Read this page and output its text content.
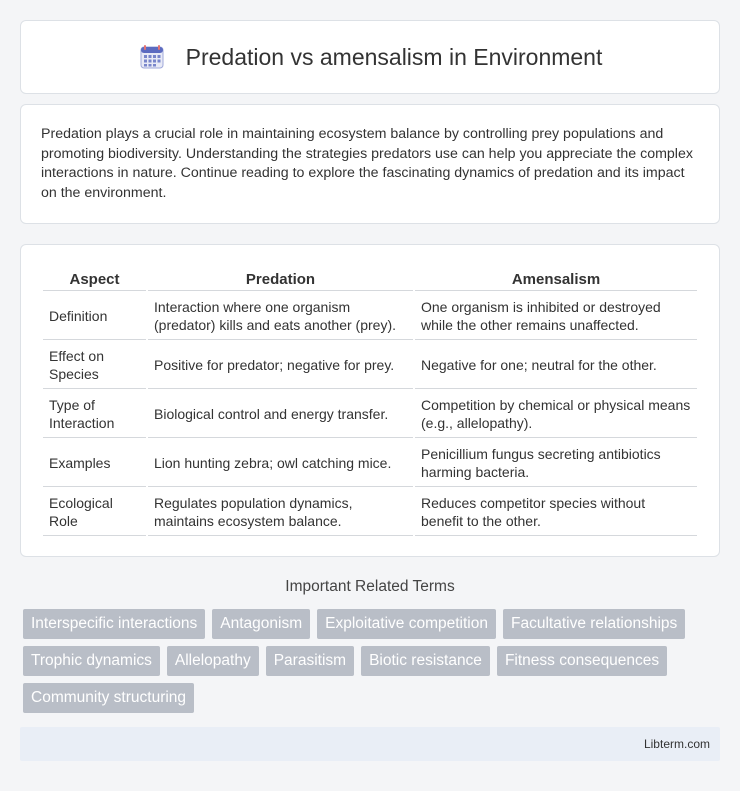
Predation vs amensalism in Environment

Predation plays a crucial role in maintaining ecosystem balance by controlling prey populations and promoting biodiversity. Understanding the strategies predators use can help you appreciate the complex interactions in nature. Continue reading to explore the fascinating dynamics of predation and its impact on the environment.

Aspect	Predation	Amensalism
Definition	Interaction where one organism (predator) kills and eats another (prey).	One organism is inhibited or destroyed while the other remains unaffected.
Effect on Species	Positive for predator; negative for prey.	Negative for one; neutral for the other.
Type of Interaction	Biological control and energy transfer.	Competition by chemical or physical means (e.g., allelopathy).
Examples	Lion hunting zebra; owl catching mice.	Penicillium fungus secreting antibiotics harming bacteria.
Ecological Role	Regulates population dynamics, maintains ecosystem balance.	Reduces competitor species without benefit to the other.
Important Related Terms
Interspecific interactions	Antagonism	Exploitative competition	Facultative relationships
Trophic dynamics	Allelopathy	Parasitism	Biotic resistance	Fitness consequences
Community structuring
Libterm.com
